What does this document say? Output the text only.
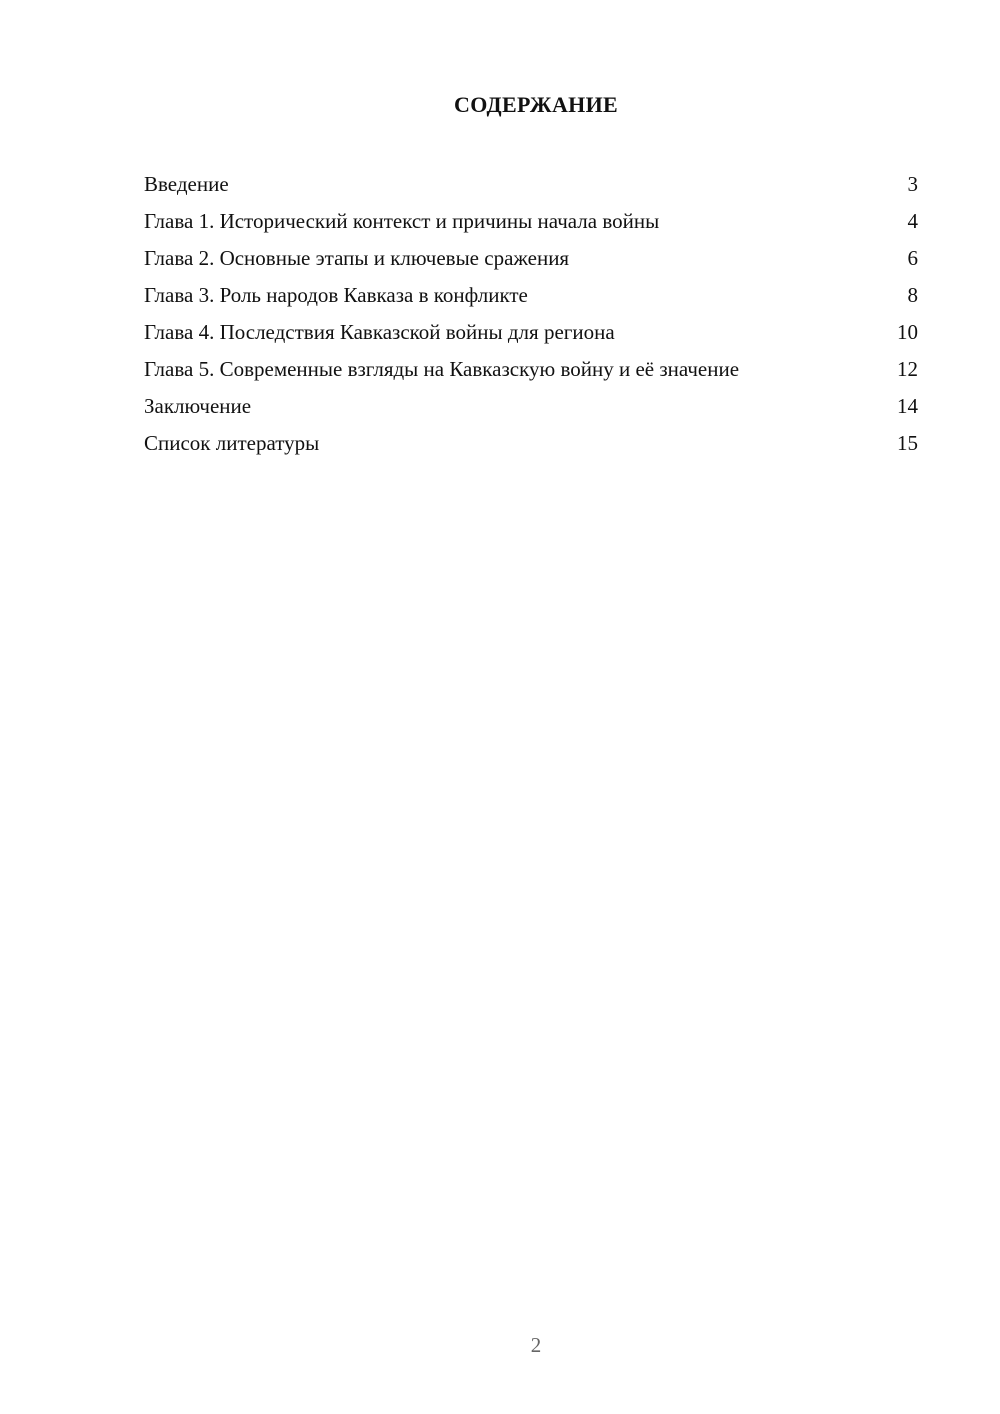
СОДЕРЖАНИЕ
Введение	3
Глава 1. Исторический контекст и причины начала войны	4
Глава 2. Основные этапы и ключевые сражения	6
Глава 3. Роль народов Кавказа в конфликте	8
Глава 4. Последствия Кавказской войны для региона	10
Глава 5. Современные взгляды на Кавказскую войну и её значение	12
Заключение	14
Список литературы	15
2
